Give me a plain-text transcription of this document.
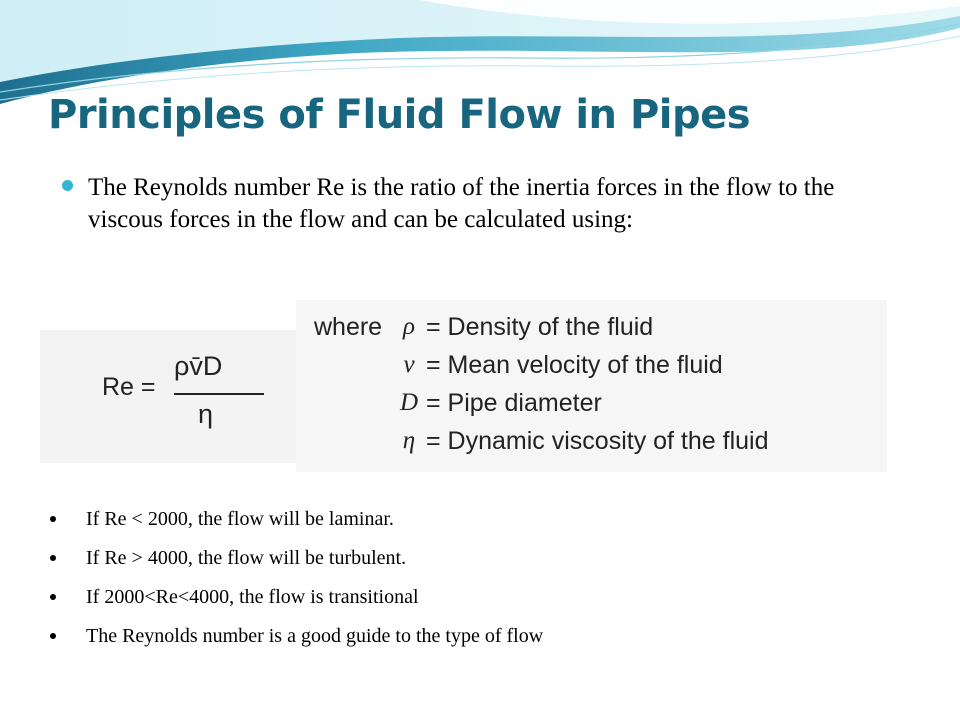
Principles of Fluid Flow in Pipes

The Reynolds number Re is the ratio of the inertia forces in the flow to the viscous forces in the flow and can be calculated using:

Re =
ρv̄D
η
where ρ = Density of the fluid
v = Mean velocity of the fluid
D = Pipe diameter
η = Dynamic viscosity of the fluid
If Re < 2000, the flow will be laminar.
If Re > 4000, the flow will be turbulent.
If 2000<Re<4000, the flow is transitional
The Reynolds number is a good guide to the type of flow
